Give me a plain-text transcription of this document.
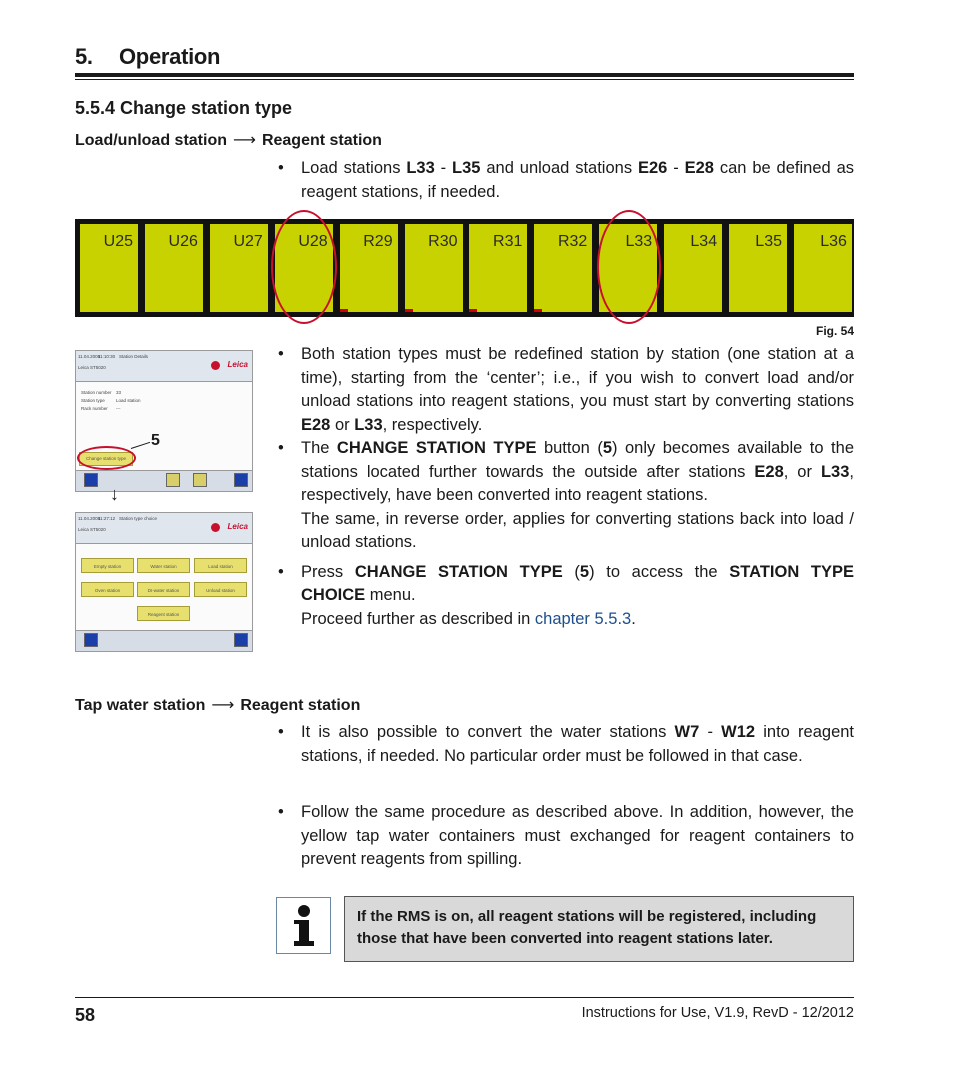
5. Operation
5.5.4 Change station type
Load/unload station ⟶ Reagent station
• Load stations L33 - L35 and unload stations E26 - E28 can be defined as reagent stations, if needed.
U25	U26	U27	U28	R29	R30	R31	R32	L33	L34	L35	L36
Fig. 54
11.04.2008
11:10:30 Station Details
Leica ST5020	Leica
Station number 33
Station type Load station
Rack number ---
Change station type
5
↓
11.04.2008
11:27:12 Station type choice
Leica ST5020	Leica
Empty station	Water station	Load station
Oven station	DI-water station	Unload station
Reagent station
• Both station types must be redefined station by station (one station at a time), starting from the ‘center’; i.e., if you wish to convert load and/or unload stations into reagent stations, you must start by converting stations E28 or L33, respectively.
• The CHANGE STATION TYPE button (5) only becomes available to the stations located further towards the outside after stations E28, or L33, respectively, have been converted into reagent stations.
The same, in reverse order, applies for converting stations back into load / unload stations.
• Press CHANGE STATION TYPE (5) to access the STATION TYPE CHOICE menu.
Proceed further as described in chapter 5.5.3.
Tap water station ⟶ Reagent station
• It is also possible to convert the water stations W7 - W12 into reagent stations, if needed. No particular order must be followed in that case.
• Follow the same procedure as described above. In addition, however, the yellow tap water containers must exchanged for reagent containers to prevent reagents from spilling.
If the RMS is on, all reagent stations will be registered, including those that have been converted into reagent stations later.
58	Instructions for Use, V1.9, RevD - 12/2012
